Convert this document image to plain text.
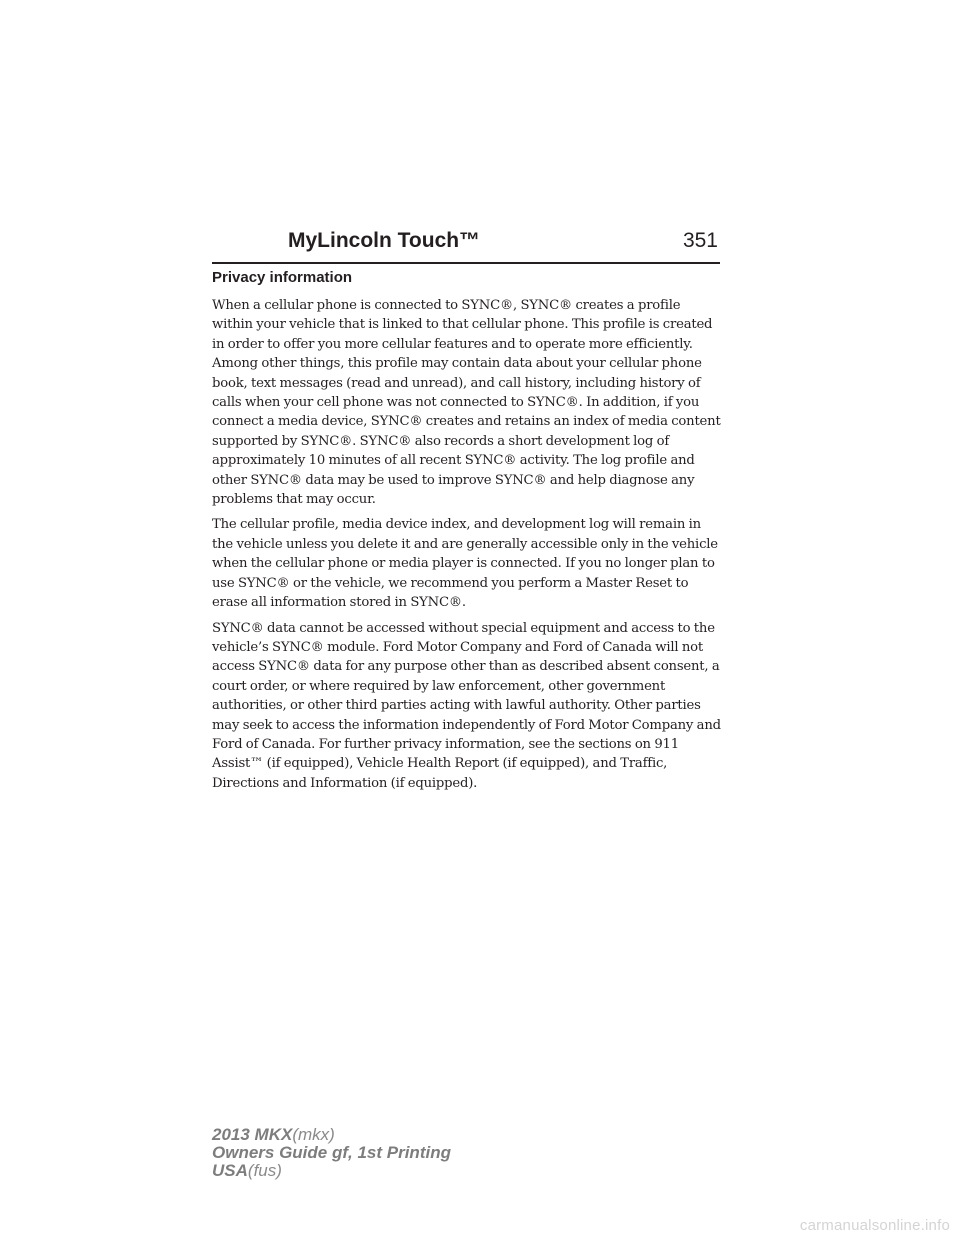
MyLincoln Touch™	351
Privacy information

When a cellular phone is connected to SYNC®, SYNC® creates a profile within your vehicle that is linked to that cellular phone. This profile is created in order to offer you more cellular features and to operate more efficiently. Among other things, this profile may contain data about your cellular phone book, text messages (read and unread), and call history, including history of calls when your cell phone was not connected to SYNC®. In addition, if you connect a media device, SYNC® creates and retains an index of media content supported by SYNC®. SYNC® also records a short development log of approximately 10 minutes of all recent SYNC® activity. The log profile and other SYNC® data may be used to improve SYNC® and help diagnose any problems that may occur.

The cellular profile, media device index, and development log will remain in the vehicle unless you delete it and are generally accessible only in the vehicle when the cellular phone or media player is connected. If you no longer plan to use SYNC® or the vehicle, we recommend you perform a Master Reset to erase all information stored in SYNC®.

SYNC® data cannot be accessed without special equipment and access to the vehicle’s SYNC® module. Ford Motor Company and Ford of Canada will not access SYNC® data for any purpose other than as described absent consent, a court order, or where required by law enforcement, other government authorities, or other third parties acting with lawful authority. Other parties may seek to access the information independently of Ford Motor Company and Ford of Canada. For further privacy information, see the sections on 911 Assist™ (if equipped), Vehicle Health Report (if equipped), and Traffic, Directions and Information (if equipped).

2013 MKX(mkx)
Owners Guide gf, 1st Printing
USA(fus)
carmanualsonline.info
